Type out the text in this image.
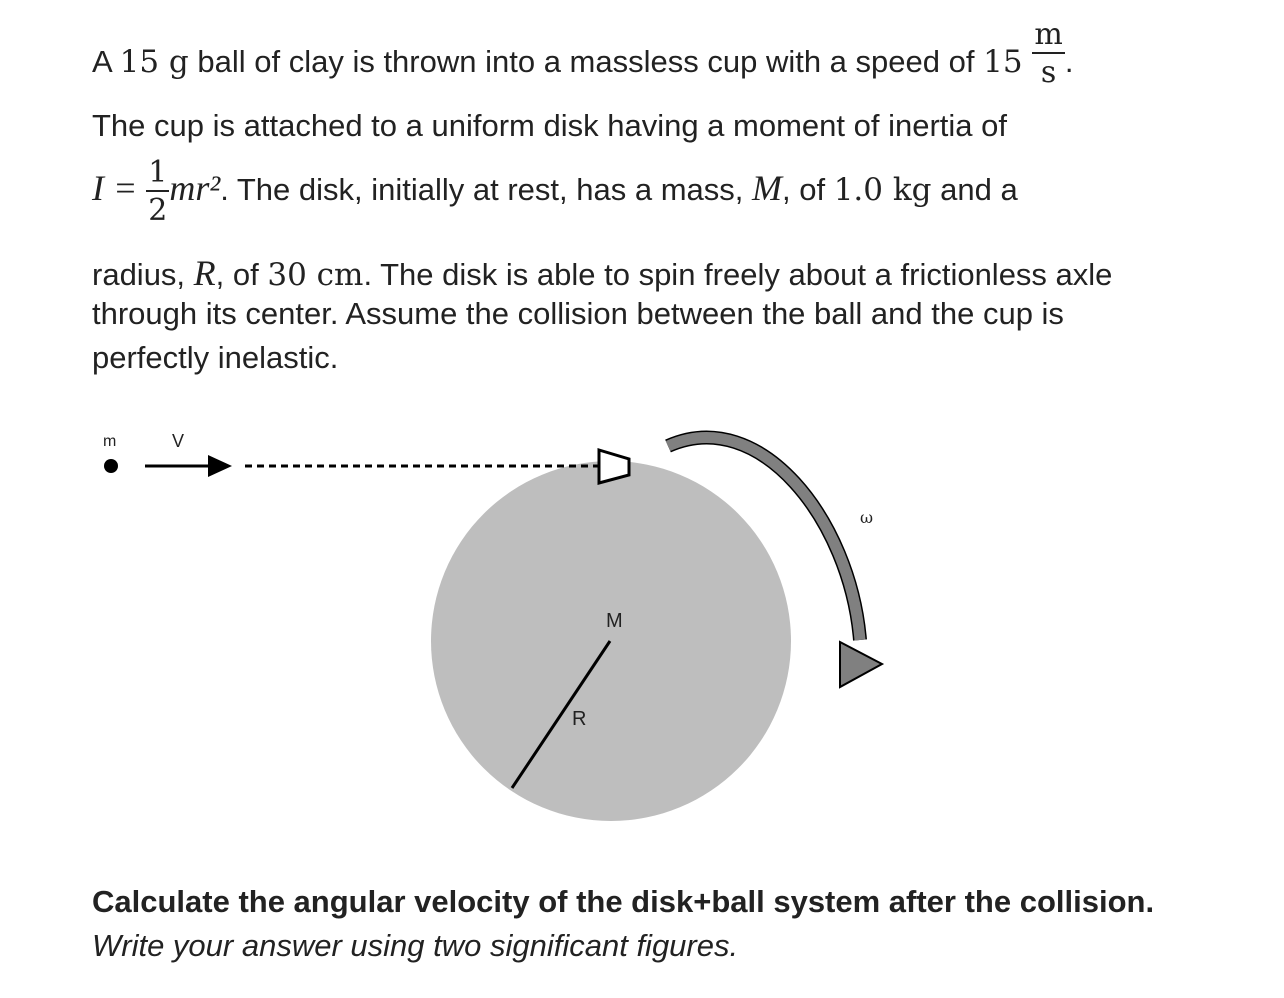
A 15 g ball of clay is thrown into a massless cup with a speed of $15 \frac{m}{s}$ .
The cup is attached to a uniform disk having a moment of inertia of
$I = \frac{1}{2} mr^2$. The disk, initially at rest, has a mass, M, of 1.0 kg and a
radius, R, of 30 cm. The disk is able to spin freely about a frictionless axle
through its center. Assume the collision between the ball and the cup is
perfectly inelastic.
m	V
M
R
ω
Calculate the angular velocity of the disk+ball system after the collision.
Write your answer using two significant figures.
